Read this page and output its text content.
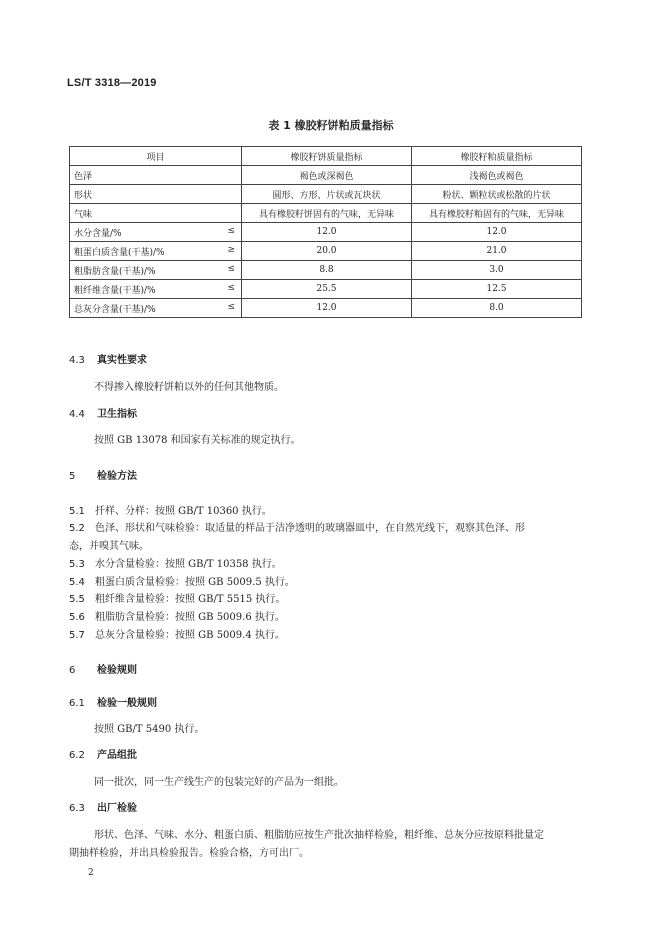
LS/T 3318—2019
表 1 橡胶籽饼粕质量指标
项目	橡胶籽饼质量指标	橡胶籽粕质量指标
色泽	褐色或深褐色	浅褐色或褐色
形状	圆形、方形、片状或瓦块状	粉状、颗粒状或松散的片状
气味	具有橡胶籽饼固有的气味，无异味	具有橡胶籽粕固有的气味，无异味
水分含量/% ≤	12.0	12.0
粗蛋白质含量(干基)/% ≥	20.0	21.0
粗脂肪含量(干基)/% ≤	8.8	3.0
粗纤维含量(干基)/% ≤	25.5	12.5
总灰分含量(干基)/% ≤	12.0	8.0
4.3 真实性要求
不得掺入橡胶籽饼粕以外的任何其他物质。
4.4 卫生指标
按照 GB 13078 和国家有关标准的规定执行。
5 检验方法
5.1 扦样、分样：按照 GB/T 10360 执行。
5.2 色泽、形状和气味检验：取适量的样品于洁净透明的玻璃器皿中，在自然光线下，观察其色泽、形
态，并嗅其气味。
5.3 水分含量检验：按照 GB/T 10358 执行。
5.4 粗蛋白质含量检验：按照 GB 5009.5 执行。
5.5 粗纤维含量检验：按照 GB/T 5515 执行。
5.6 粗脂肪含量检验：按照 GB 5009.6 执行。
5.7 总灰分含量检验：按照 GB 5009.4 执行。
6 检验规则
6.1 检验一般规则
按照 GB/T 5490 执行。
6.2 产品组批
同一批次，同一生产线生产的包装完好的产品为一组批。
6.3 出厂检验
形状、色泽、气味、水分、粗蛋白质、粗脂肪应按生产批次抽样检验，粗纤维、总灰分应按原料批量定
期抽样检验，并出具检验报告。检验合格，方可出厂。
2
